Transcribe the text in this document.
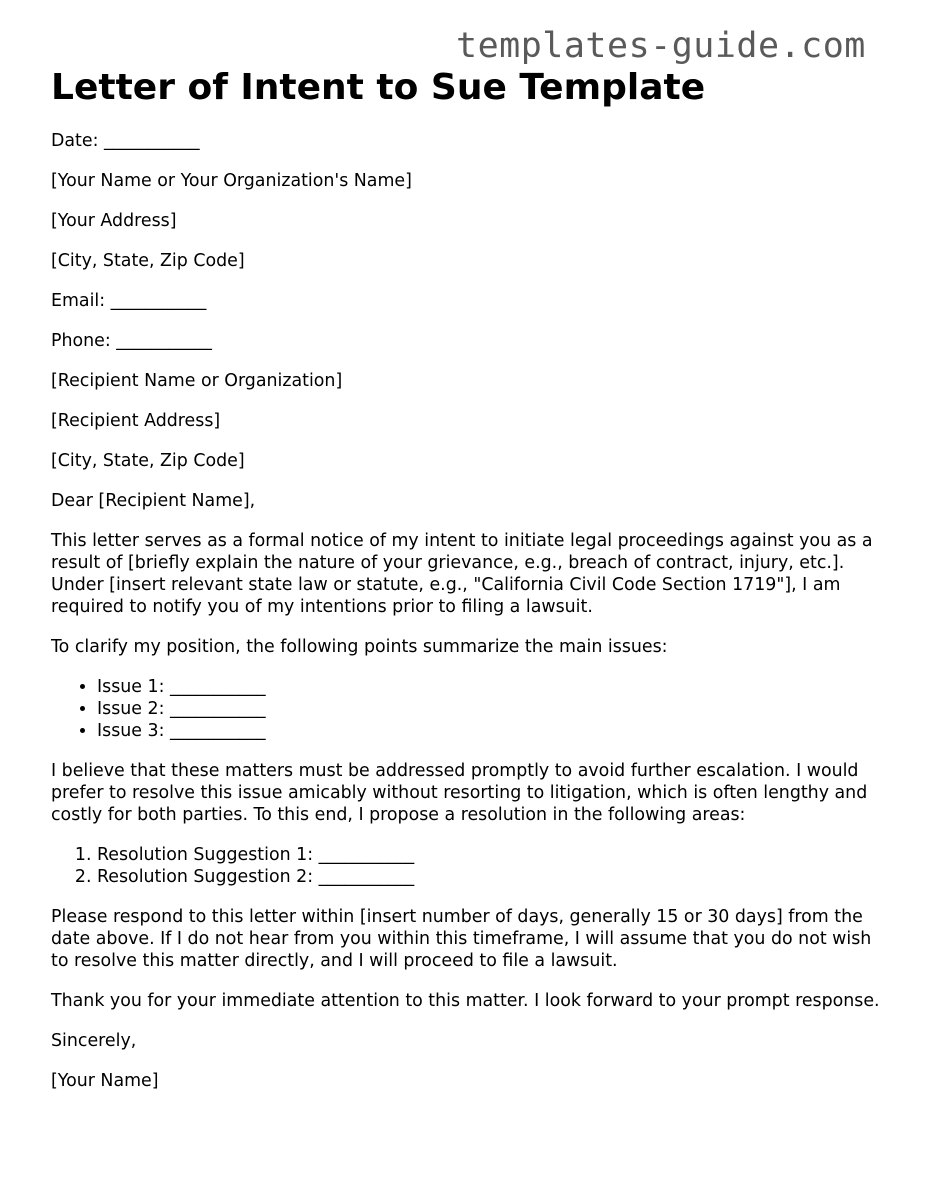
templates-guide.com
Letter of Intent to Sue Template

Date: ___________

[Your Name or Your Organization's Name]

[Your Address]

[City, State, Zip Code]

Email: ___________

Phone: ___________

[Recipient Name or Organization]

[Recipient Address]

[City, State, Zip Code]

Dear [Recipient Name],

This letter serves as a formal notice of my intent to initiate legal proceedings against you as a result of [briefly explain the nature of your grievance, e.g., breach of contract, injury, etc.]. Under [insert relevant state law or statute, e.g., "California Civil Code Section 1719"], I am required to notify you of my intentions prior to filing a lawsuit.

To clarify my position, the following points summarize the main issues:

• Issue 1: ___________
• Issue 2: ___________
• Issue 3: ___________

I believe that these matters must be addressed promptly to avoid further escalation. I would prefer to resolve this issue amicably without resorting to litigation, which is often lengthy and costly for both parties. To this end, I propose a resolution in the following areas:

1. Resolution Suggestion 1: ___________
2. Resolution Suggestion 2: ___________

Please respond to this letter within [insert number of days, generally 15 or 30 days] from the date above. If I do not hear from you within this timeframe, I will assume that you do not wish to resolve this matter directly, and I will proceed to file a lawsuit.

Thank you for your immediate attention to this matter. I look forward to your prompt response.

Sincerely,

[Your Name]
